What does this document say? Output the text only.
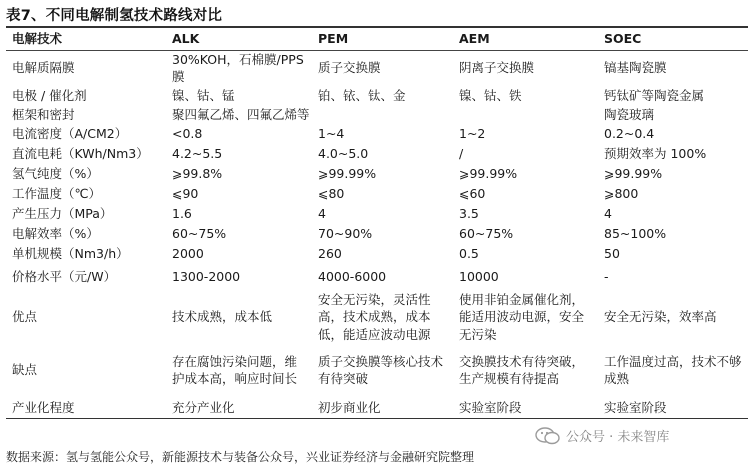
表7、不同电解制氢技术路线对比
电解技术	ALK	PEM	AEM	SOEC
电解质隔膜	30%KOH，石棉膜/PPS 膜	质子交换膜	阴离子交换膜	镐基陶瓷膜
电极 / 催化剂	镍、钴、锰	铂、铱、钛、金	镍、钴、铁	钙钛矿等陶瓷金属
框架和密封	聚四氟乙烯、四氟乙烯等			陶瓷玻璃
电流密度（A/CM2）	<0.8	1~4	1~2	0.2~0.4
直流电耗（KWh/Nm3）	4.2~5.5	4.0~5.0	/	预期效率为 100%
氢气纯度（%）	⩾99.8%	⩾99.99%	⩾99.99%	⩾99.99%
工作温度（℃）	⩽90	⩽80	⩽60	⩾800
产生压力（MPa）	1.6	4	3.5	4
电解效率（%）	60~75%	70~90%	60~75%	85~100%
单机规模（Nm3/h）	2000	260	0.5	50
价格水平（元/W）	1300-2000	4000-6000	10000	-
优点	技术成熟，成本低	安全无污染，灵活性高，技术成熟，成本低，能适应波动电源	使用非铂金属催化剂，能适用波动电源，安全无污染	安全无污染，效率高
缺点	存在腐蚀污染问题，维护成本高，响应时间长	质子交换膜等核心技术有待突破	交换膜技术有待突破，生产规模有待提高	工作温度过高，技术不够成熟
产业化程度	充分产业化	初步商业化	实验室阶段	实验室阶段
数据来源：氢与氢能公众号，新能源技术与装备公众号，兴业证券经济与金融研究院整理
公众号 · 未来智库
